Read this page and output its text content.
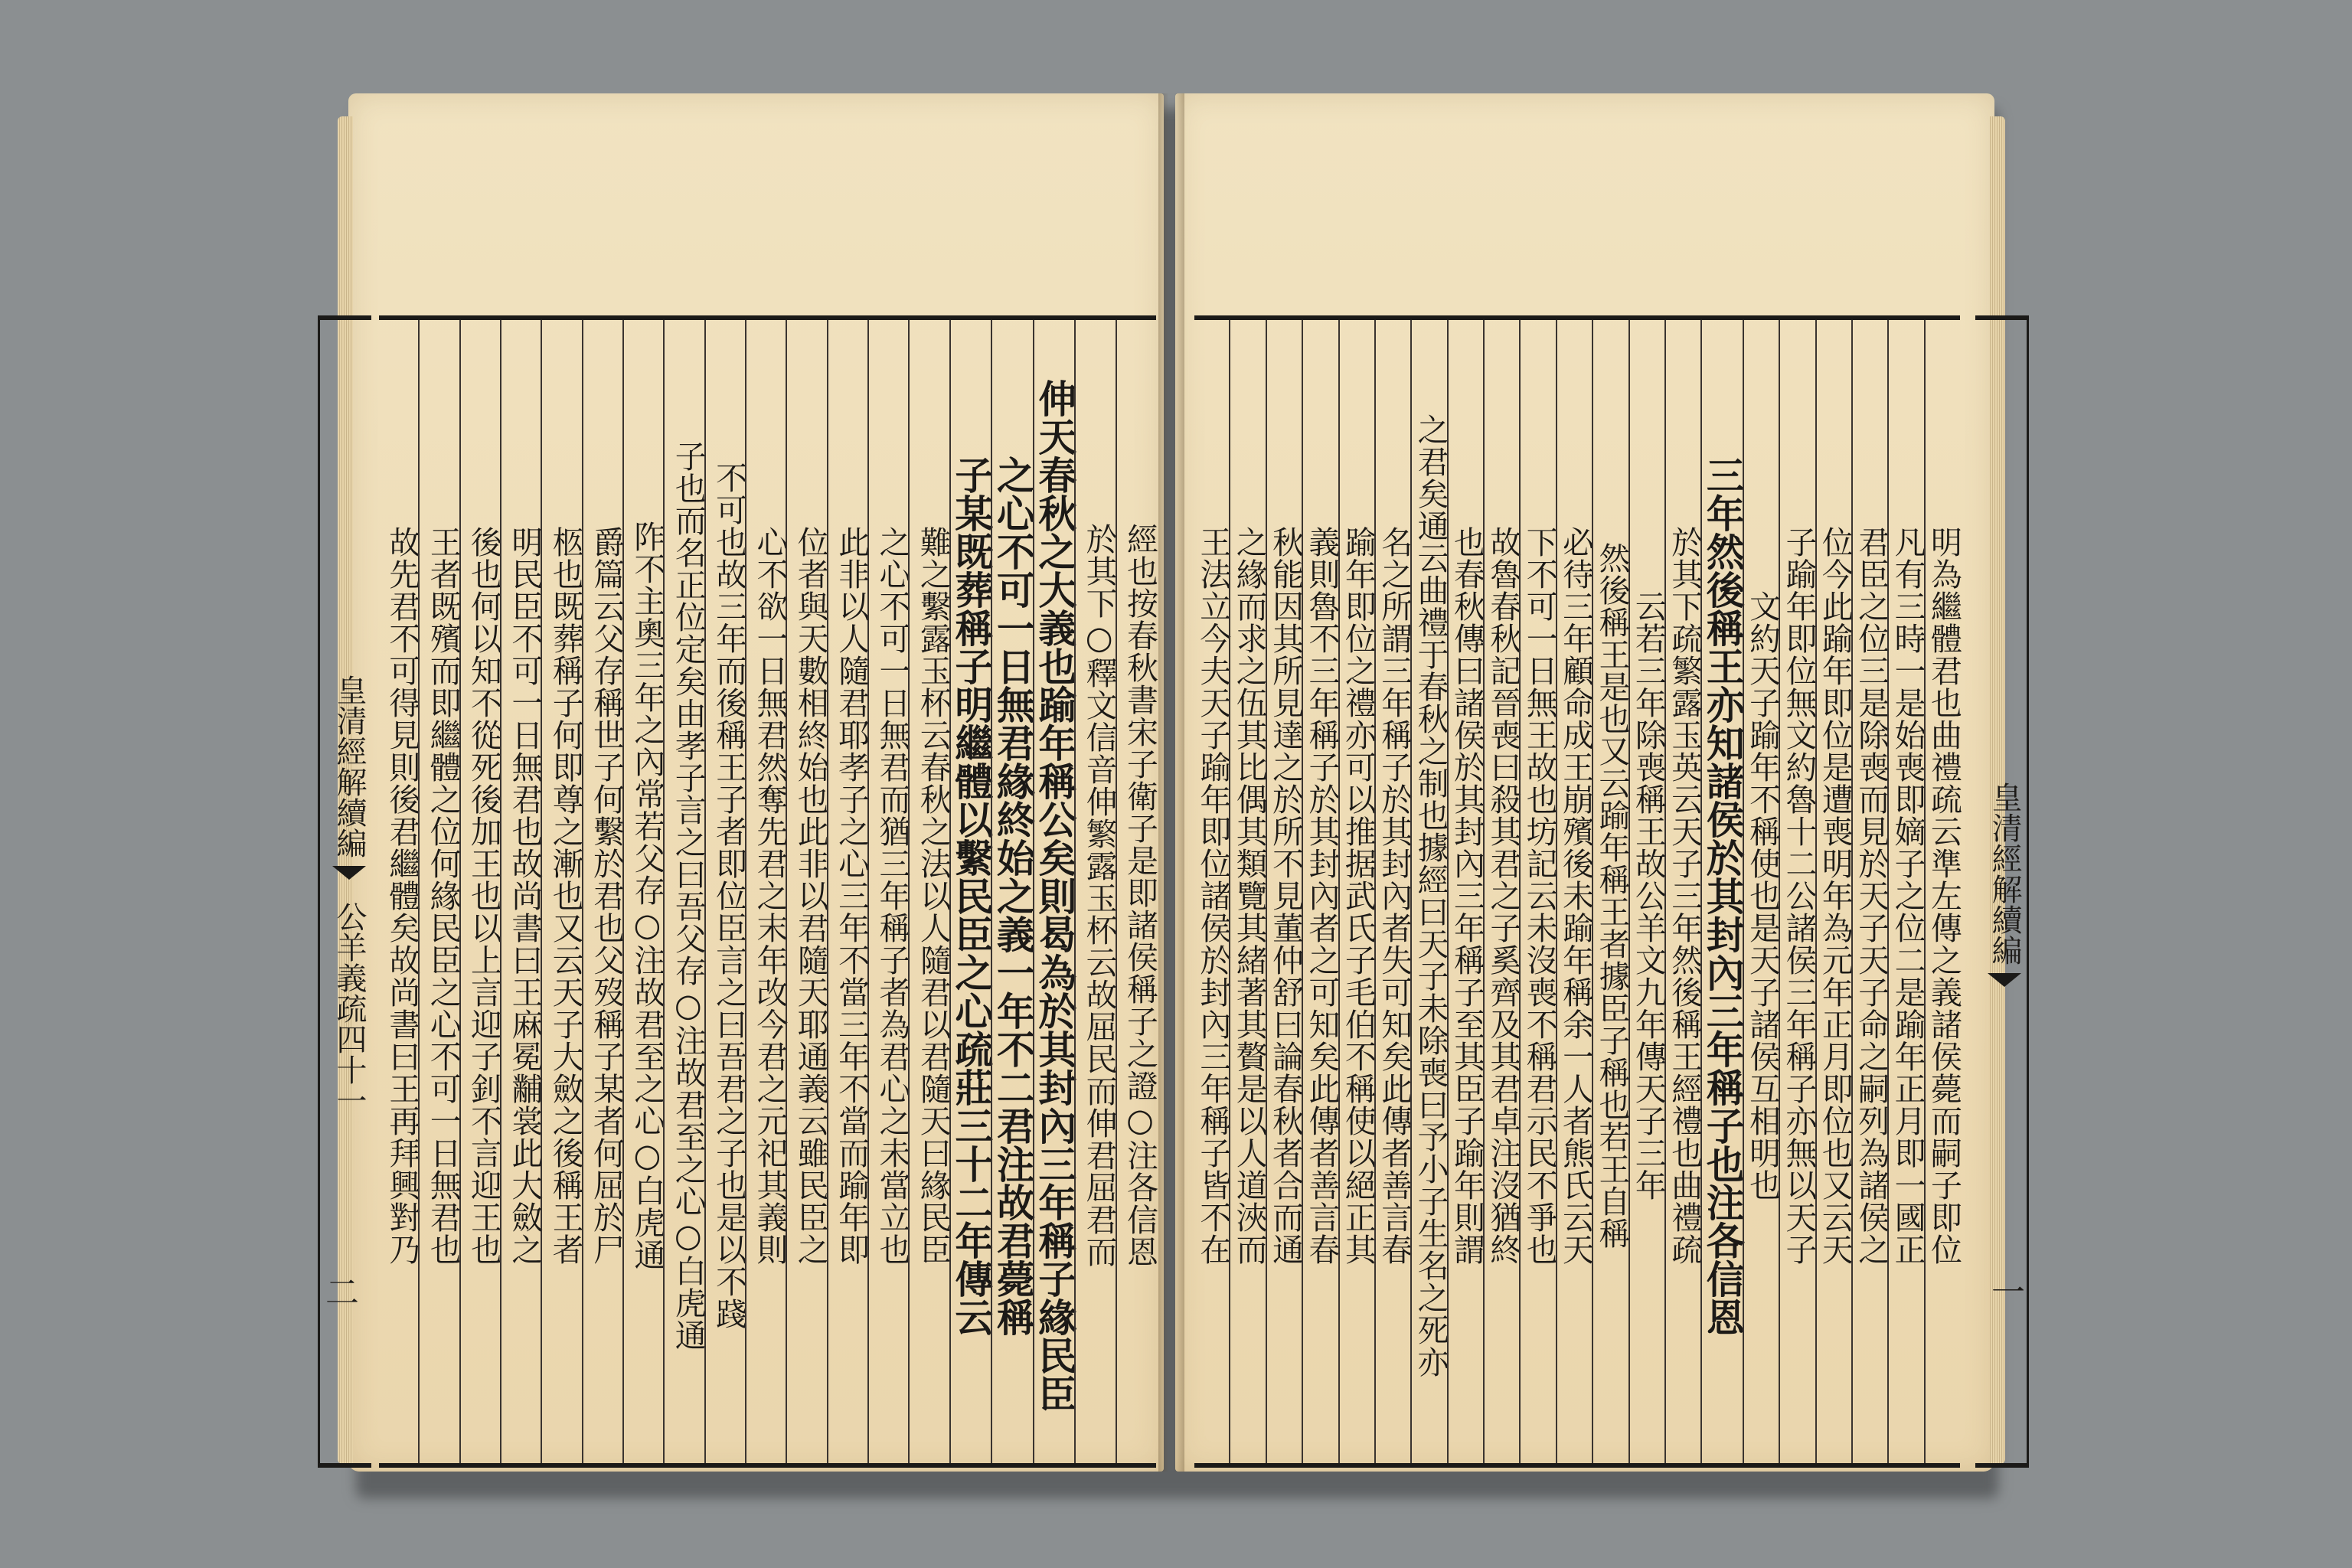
皇清經解續編公羊義疏四十一
二
經也按春秋書宋子衛子是即諸侯稱子之證○注各信恩
於其下○釋文信音伸繁露玉杯云故屈民而伸君屈君而
伸天春秋之大義也踰年稱公矣則曷為於其封內三年稱子緣民臣
之心不可一日無君緣終始之義一年不二君注故君薨稱
子某既葬稱子明繼體以繫民臣之心疏莊三十二年傳云
難之繫露玉杯云春秋之法以人隨君以君隨天曰緣民臣
之心不可一日無君而猶三年稱子者為君心之未當立也
此非以人隨君耶孝子之心三年不當三年不當而踰年即
位者與天數相終始也此非以君隨天耶通義云雖民臣之
心不欲一日無君然奪先君之末年改今君之元祀其義則
不可也故三年而後稱王子者即位臣言之曰吾君之子也是以不踐
子也而名正位定矣由孝子言之曰吾父存○注故君至之心○白虎通
阼不主奧三年之內常若父存○注故君至之心○白虎通
爵篇云父存稱世子何繫於君也父歿稱子某者何屈於尸
柩也既葬稱子何即尊之漸也又云天子大斂之後稱王者
明民臣不可一日無君也故尚書曰王麻冕黼裳此大斂之
後也何以知不從死後加王也以上言迎子釗不言迎王也
王者既殯而即繼體之位何緣民臣之心不可一日無君也
故先君不可得見則後君繼體矣故尚書曰王再拜興對乃	皇清經解續編
一
明為繼體君也曲禮疏云準左傳之義諸侯薨而嗣子即位
凡有三時一是始喪即嫡子之位二是踰年正月即一國正
君臣之位三是除喪而見於天子天子命之嗣列為諸侯之
位今此踰年即位是遭喪明年為元年正月即位也又云天
子踰年即位無文約魯十二公諸侯三年稱子亦無以天子
文約天子踰年不稱使也是天子諸侯互相明也
三年然後稱王亦知諸侯於其封內三年稱子也注各信恩
於其下疏繁露玉英云天子三年然後稱王經禮也曲禮疏
云若三年除喪稱王故公羊文九年傳天子三年
然後稱王是也又云踰年稱王者據臣子稱也若王自稱
必待三年顧命成王崩殯後未踰年稱余一人者熊氏云天
下不可一日無王故也坊記云未沒喪不稱君示民不爭也
故魯春秋記晉喪曰殺其君之子奚齊及其君卓注沒猶終
也春秋傳曰諸侯於其封內三年稱子至其臣子踰年則謂
之君矣通云曲禮于春秋之制也據經曰天子未除喪曰予小子生名之死亦
名之所謂三年稱子於其封內者失可知矣此傳者善言春
踰年即位之禮亦可以推据武氏子毛伯不稱使以絕正其
義則魯不三年稱子於其封內者之可知矣此傳者善言春
秋能因其所見達之於所不見董仲舒曰論春秋者合而通
之緣而求之伍其比偶其類覽其緒著其贅是以人道浹而
王法立今夫天子踰年即位諸侯於封內三年稱子皆不在
